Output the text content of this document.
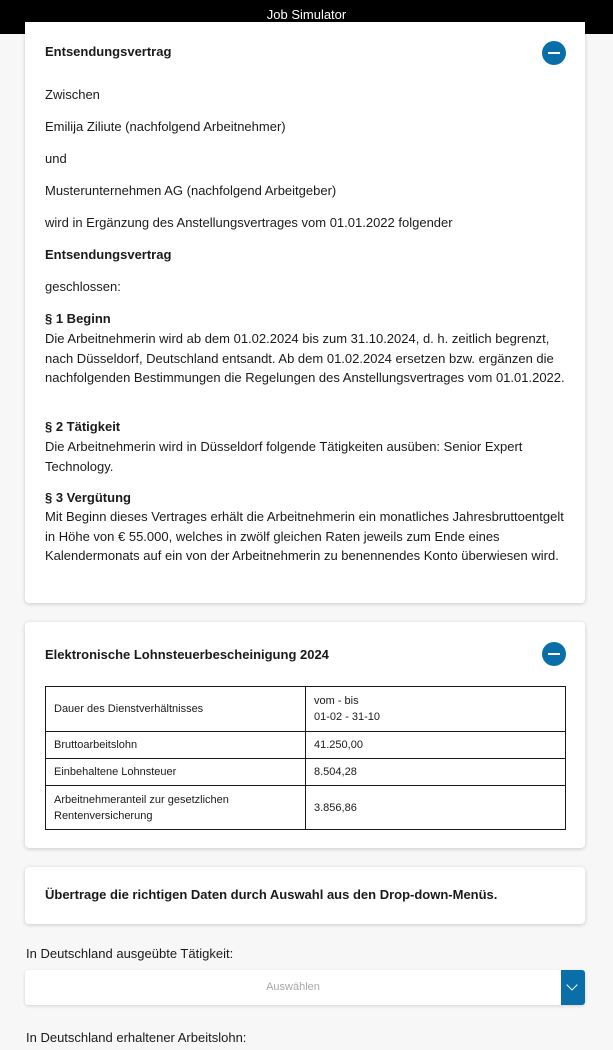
Job Simulator
Entsendungsvertrag
Zwischen
Emilija Ziliute (nachfolgend Arbeitnehmer)
und
Musterunternehmen AG (nachfolgend Arbeitgeber)
wird in Ergänzung des Anstellungsvertrages vom 01.01.2022 folgender
Entsendungsvertrag
geschlossen:
§ 1 Beginn
Die Arbeitnehmerin wird ab dem 01.02.2024 bis zum 31.10.2024, d. h. zeitlich begrenzt, nach Düsseldorf, Deutschland entsandt. Ab dem 01.02.2024 ersetzen bzw. ergänzen die nachfolgenden Bestimmungen die Regelungen des Anstellungsvertrages vom 01.01.2022.
§ 2 Tätigkeit
Die Arbeitnehmerin wird in Düsseldorf folgende Tätigkeiten ausüben: Senior Expert Technology.
§ 3 Vergütung
Mit Beginn dieses Vertrages erhält die Arbeitnehmerin ein monatliches Jahresbruttoentgelt in Höhe von € 55.000, welches in zwölf gleichen Raten jeweils zum Ende eines Kalendermonats auf ein von der Arbeitnehmerin zu benennendes Konto überwiesen wird.
Elektronische Lohnsteuerbescheinigung 2024
Dauer des Dienstverhältnisses	vom - bis
01-02 - 31-10

Bruttoarbeitslohn	41.250,00
Einbehaltene Lohnsteuer	8.504,28
Arbeitnehmeranteil zur gesetzlichen Rentenversicherung	3.856,86
Übertrage die richtigen Daten durch Auswahl aus den Drop-down-Menüs.
In Deutschland ausgeübte Tätigkeit:
Auswählen
In Deutschland erhaltener Arbeitslohn:
